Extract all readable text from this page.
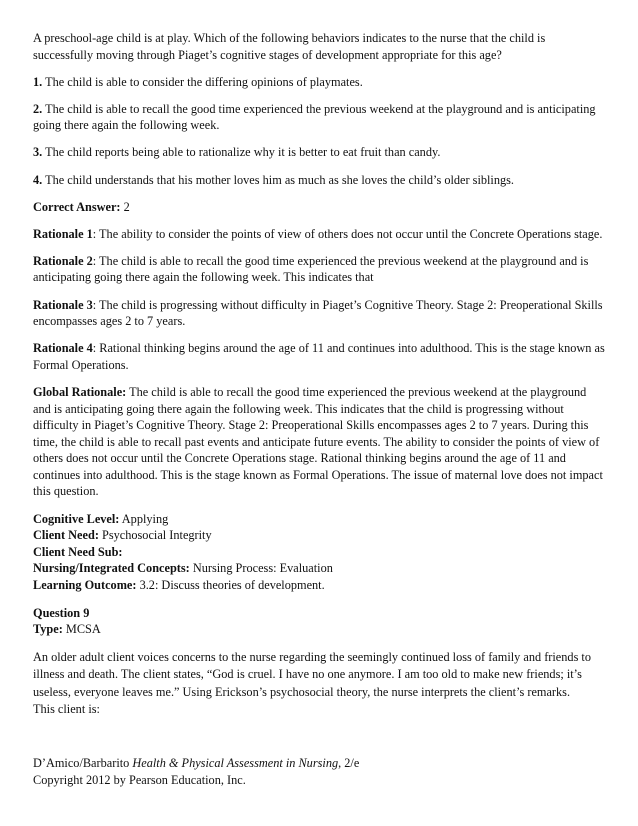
A preschool-age child is at play. Which of the following behaviors indicates to the nurse that the child is successfully moving through Piaget’s cognitive stages of development appropriate for this age?

1. The child is able to consider the differing opinions of playmates.

2. The child is able to recall the good time experienced the previous weekend at the playground and is anticipating going there again the following week.

3. The child reports being able to rationalize why it is better to eat fruit than candy.

4. The child understands that his mother loves him as much as she loves the child’s older siblings.

Correct Answer: 2

Rationale 1: The ability to consider the points of view of others does not occur until the Concrete Operations stage.

Rationale 2: The child is able to recall the good time experienced the previous weekend at the playground and is anticipating going there again the following week. This indicates that

Rationale 3: The child is progressing without difficulty in Piaget’s Cognitive Theory. Stage 2: Preoperational Skills encompasses ages 2 to 7 years.

Rationale 4: Rational thinking begins around the age of 11 and continues into adulthood. This is the stage known as Formal Operations.

Global Rationale: The child is able to recall the good time experienced the previous weekend at the playground and is anticipating going there again the following week. This indicates that the child is progressing without difficulty in Piaget’s Cognitive Theory. Stage 2: Preoperational Skills encompasses ages 2 to 7 years. During this time, the child is able to recall past events and anticipate future events. The ability to consider the points of view of others does not occur until the Concrete Operations stage. Rational thinking begins around the age of 11 and continues into adulthood. This is the stage known as Formal Operations. The issue of maternal love does not impact this question.

Cognitive Level: Applying

Client Need: Psychosocial Integrity

Client Need Sub:

Nursing/Integrated Concepts: Nursing Process: Evaluation

Learning Outcome: 3.2: Discuss theories of development.

Question 9

Type: MCSA

An older adult client voices concerns to the nurse regarding the seemingly continued loss of family and friends to illness and death. The client states, “God is cruel. I have no one anymore. I am too old to make new friends; it’s useless, everyone leaves me.” Using Erickson’s psychosocial theory, the nurse interprets the client’s remarks.

This client is:

D’Amico/Barbarito Health & Physical Assessment in Nursing, 2/e

Copyright 2012 by Pearson Education, Inc.
